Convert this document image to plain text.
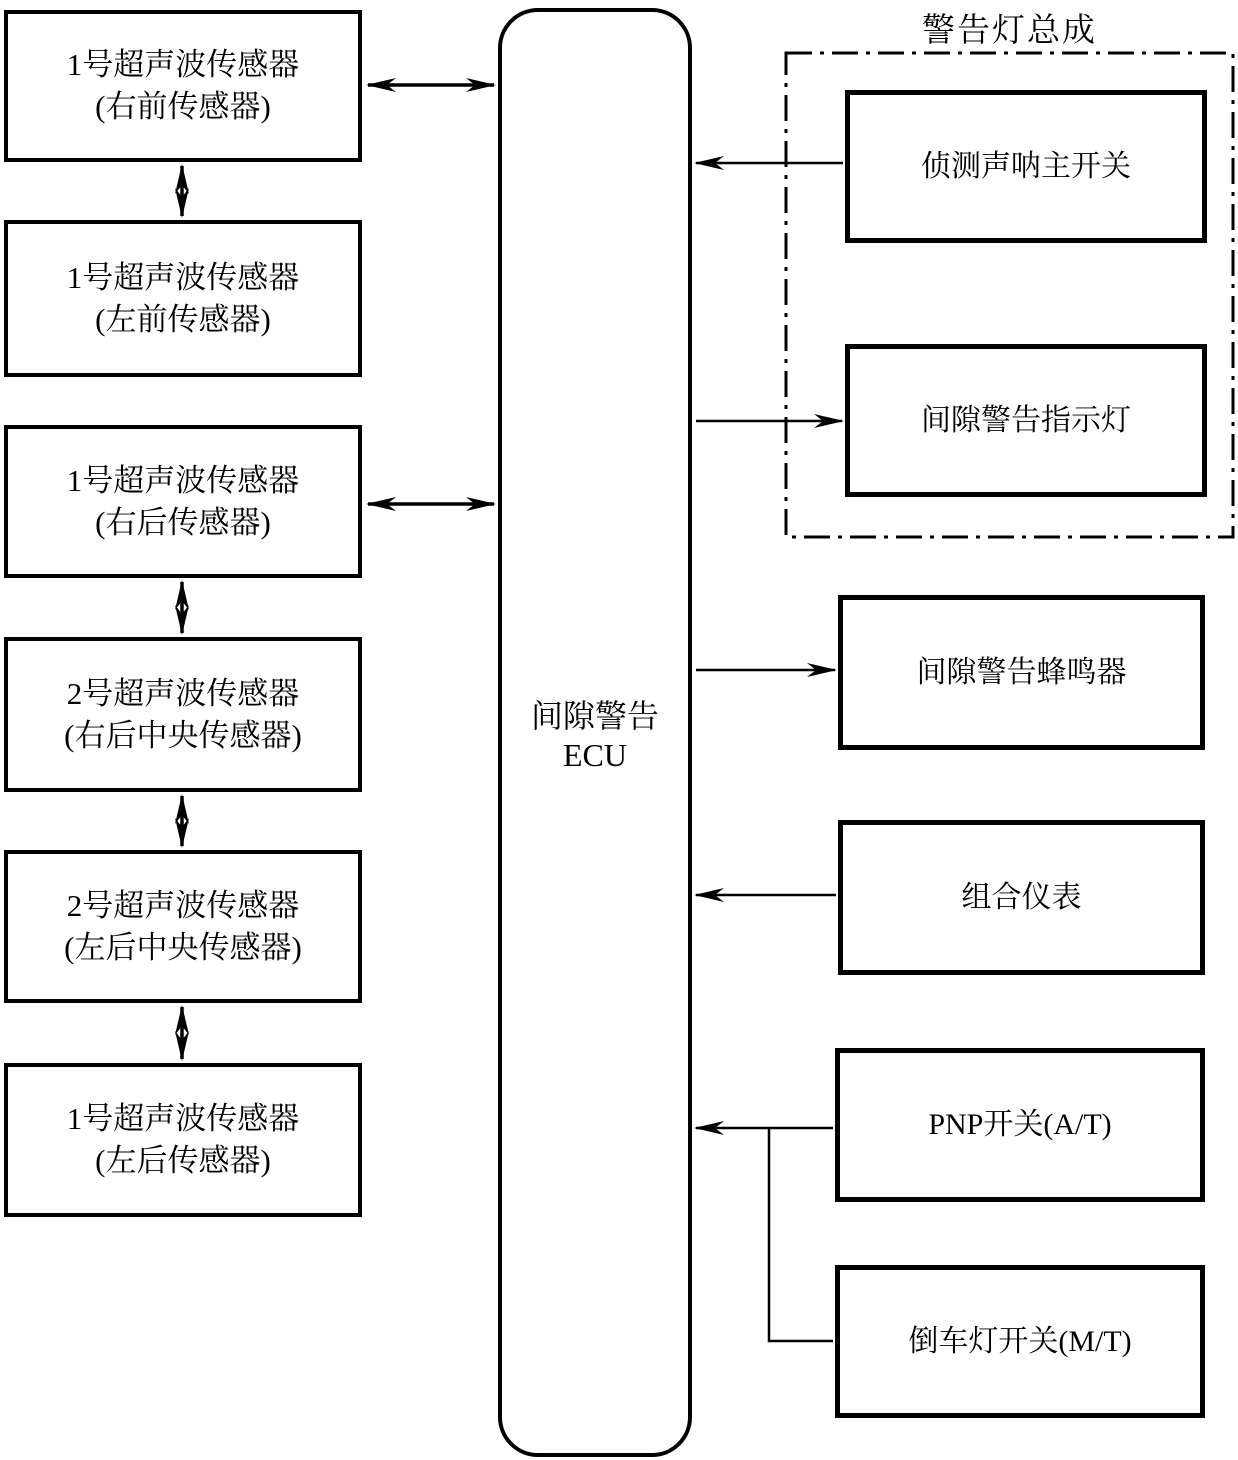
警告灯总成
1号超声波传感器
(右前传感器)
1号超声波传感器
(左前传感器)
1号超声波传感器
(右后传感器)
2号超声波传感器
(右后中央传感器)
2号超声波传感器
(左后中央传感器)
1号超声波传感器
(左后传感器)
间隙警告ECU
侦测声呐主开关
间隙警告指示灯
间隙警告蜂鸣器
组合仪表
PNP开关(A/T)
倒车灯开关(M/T)
